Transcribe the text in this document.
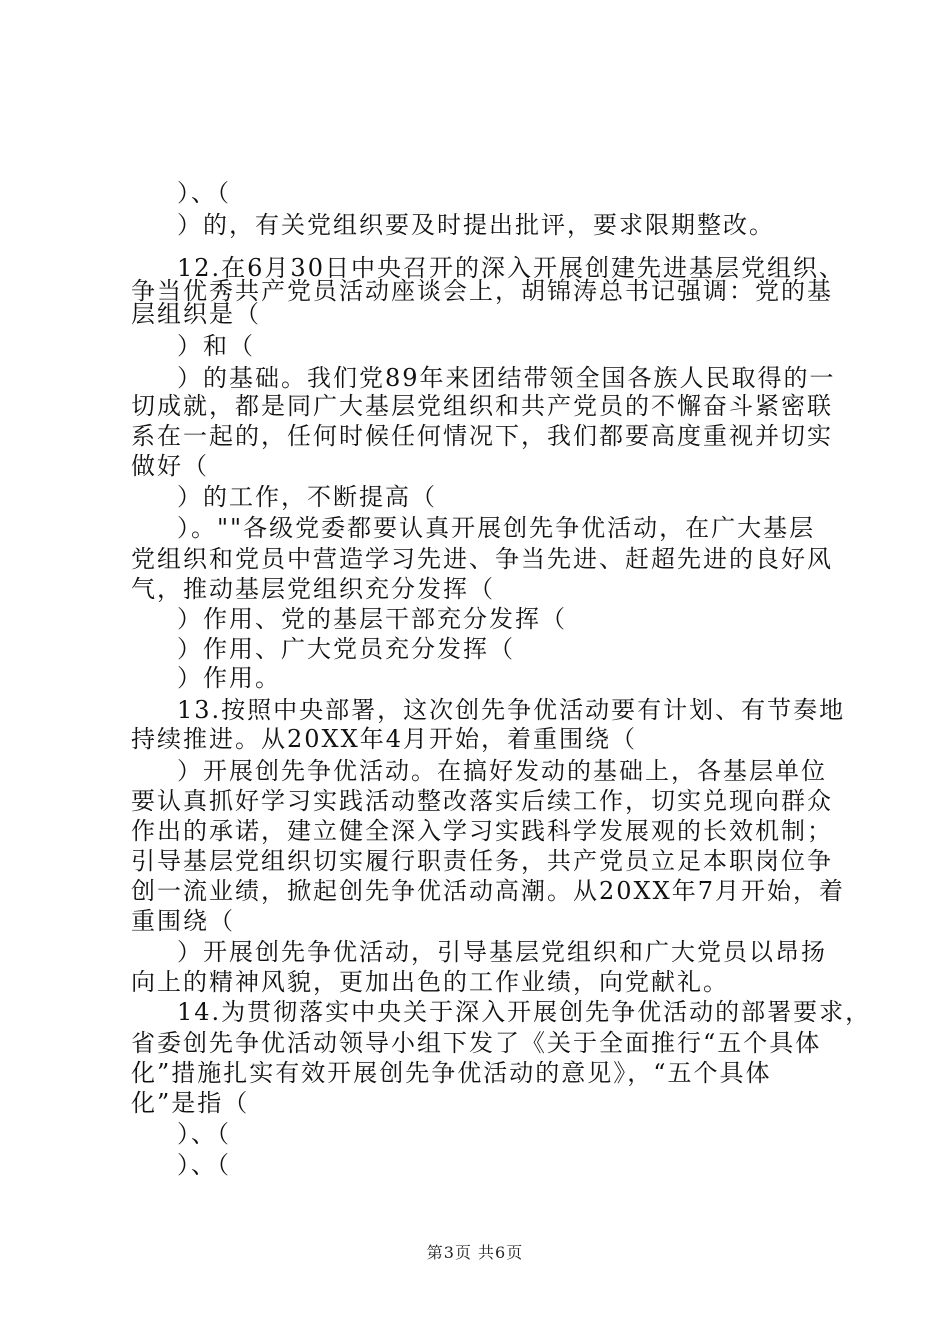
）、（
）的，有关党组织要及时提出批评，要求限期整改。
12.在6月30日中央召开的深入开展创建先进基层党组织、
争当优秀共产党员活动座谈会上，胡锦涛总书记强调：党的基
层组织是（
）和（
）的基础。我们党89年来团结带领全国各族人民取得的一
切成就，都是同广大基层党组织和共产党员的不懈奋斗紧密联
系在一起的，任何时候任何情况下，我们都要高度重视并切实
做好（
）的工作，不断提高（
）。""各级党委都要认真开展创先争优活动，在广大基层
党组织和党员中营造学习先进、争当先进、赶超先进的良好风
气，推动基层党组织充分发挥（
）作用、党的基层干部充分发挥（
）作用、广大党员充分发挥（
）作用。
13.按照中央部署，这次创先争优活动要有计划、有节奏地
持续推进。从20XX年4月开始，着重围绕（
）开展创先争优活动。在搞好发动的基础上，各基层单位
要认真抓好学习实践活动整改落实后续工作，切实兑现向群众
作出的承诺，建立健全深入学习实践科学发展观的长效机制；
引导基层党组织切实履行职责任务，共产党员立足本职岗位争
创一流业绩，掀起创先争优活动高潮。从20XX年7月开始，着
重围绕（
）开展创先争优活动，引导基层党组织和广大党员以昂扬
向上的精神风貌，更加出色的工作业绩，向党献礼。
14.为贯彻落实中央关于深入开展创先争优活动的部署要求，
省委创先争优活动领导小组下发了《关于全面推行“五个具体
化”措施扎实有效开展创先争优活动的意见》，“五个具体
化”是指（
）、（
）、（
第3页 共6页
